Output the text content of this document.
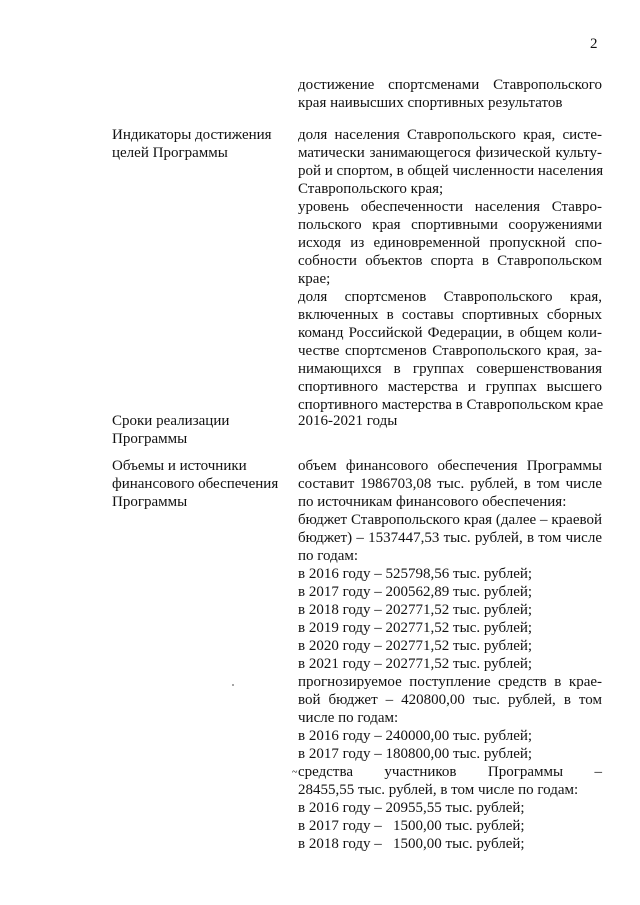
2
достижение спортсменами Ставропольского
края наивысших спортивных результатов
Индикаторы достижения
целей Программы
доля населения Ставропольского края, систе-
матически занимающегося физической культу-
рой и спортом, в общей численности населения
Ставропольского края;
уровень обеспеченности населения Ставро-
польского края спортивными сооружениями
исходя из единовременной пропускной спо-
собности объектов спорта в Ставропольском
крае;
доля спортсменов Ставропольского края,
включенных в составы спортивных сборных
команд Российской Федерации, в общем коли-
честве спортсменов Ставропольского края, за-
нимающихся в группах совершенствования
спортивного мастерства и группах высшего
спортивного мастерства в Ставропольском крае
Сроки реализации
Программы
2016-2021 годы
Объемы и источники
финансового обеспечения
Программы
объем финансового обеспечения Программы
составит 1986703,08 тыс. рублей, в том числе
по источникам финансового обеспечения:
бюджет Ставропольского края (далее – краевой
бюджет) – 1537447,53 тыс. рублей, в том числе
по годам:
в 2016 году – 525798,56 тыс. рублей;
в 2017 году – 200562,89 тыс. рублей;
в 2018 году – 202771,52 тыс. рублей;
в 2019 году – 202771,52 тыс. рублей;
в 2020 году – 202771,52 тыс. рублей;
в 2021 году – 202771,52 тыс. рублей;
прогнозируемое поступление средств в крае-
вой бюджет – 420800,00 тыс. рублей, в том
числе по годам:
в 2016 году – 240000,00 тыс. рублей;
в 2017 году – 180800,00 тыс. рублей;
средства участников Программы –
28455,55 тыс. рублей, в том числе по годам:
в 2016 году – 20955,55 тыс. рублей;
в 2017 году –   1500,00 тыс. рублей;
в 2018 году –   1500,00 тыс. рублей;
~
